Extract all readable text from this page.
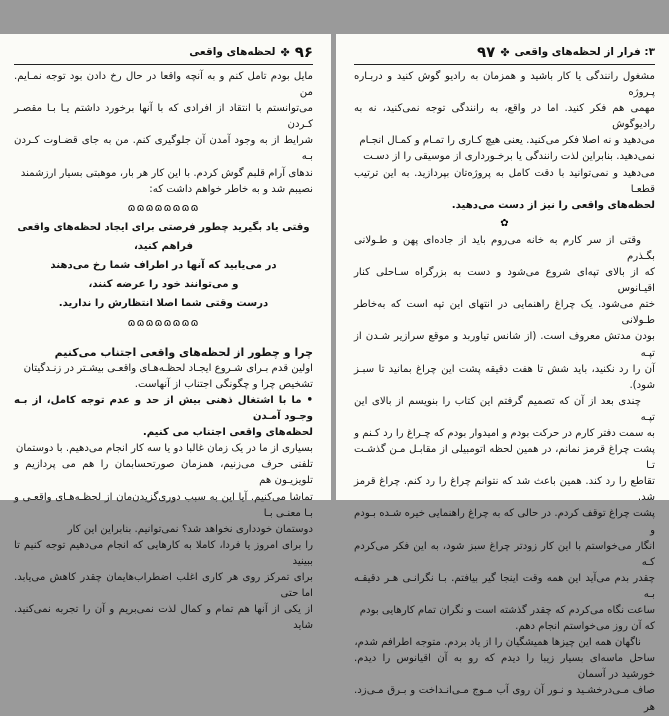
۹۶
✤
لحظه‌های واقعی

مایل بودم تامل کنم و به آنچه واقعا در حال رخ دادن بود توجه نمـایم. من

می‌توانستم با انتقاد از افرادی که با آنها برخورد داشتم یـا بـا مقصـر کـردن

شرایط از به وجود آمدن آن جلوگیری کنم. من به جای قضـاوت کـردن بـه

ندهای آرام قلبم گوش کردم. با این کار هر بار، موهبتی بسیار ارزشمند

نصیبم شد و به خاطر خواهم داشت که:

ɷɷɷɷɷɷɷɷ

وقتی یاد بگیرید چطور فرصتی برای ایجاد لحظه‌های واقعی فراهم کنید،

در می‌یابید که آنها در اطراف شما رخ می‌دهند

و می‌توانند خود را عرضه کنند،

درست وقتی شما اصلا انتظارش را ندارید.

ɷɷɷɷɷɷɷɷ

چرا و چطور از لحظه‌های واقعی اجتناب می‌کنیم

اولین قدم بـرای شـروع ایجـاد لحظـه‌هـای واقعـی بیشـتر در زنـدگیتان

تشخیص چرا و چگونگی اجتناب از آنهاست.

• ما با اشتغال ذهنی بیش از حد و عدم توجه کامل، از بـه وجـود آمـدن

لحظه‌های واقعی اجتناب می‌ کنیم.

بسیاری از ما در یک زمان غالبا دو یا سه کار انجام می‌دهیم. با دوستمان

تلفنی حرف می‌زنیم، همزمان صورتحسابمان را هم می‌ پردازیم و تلویزیـون هم

تماشا می‌کنیم. آیا این به سبب دوری‌گزیدن‌مان از لحظـه‌هـای واقعـی و بـا معنـی بـا

دوستمان خودداری نخواهد شد؟ نمی‌توانیم. بنابراین این کار

را برای امروز یا فردا، کاملا به کارهایی که انجام می‌دهیم توجه کنیم تا ببینید

برای تمرکز روی هر کاری اغلب اضطراب‌هایمان چقدر کاهش می‌یابد. اما حتی

از یکی از آنها هم تمام و کمال لذت نمی‌بریم و آن را تجربه نمی‌کنید. شاید

۳: فرار از لحظه‌های واقعی
✤
۹۷

مشغول رانندگی یا کار باشید و همزمان به رادیو گوش کنید و دربـاره پـروژه

مهمی هم فکر کنید. اما در واقع، به رانندگی توجه نمی‌کنید، نه به رادیوگوش

می‌دهید و نه اصلا فکر می‌کنید. یعنی هیچ کـاری را تمـام و کمـال انجـام

نمی‌دهید. بنابراین لذت رانندگی یا برخـورداری از موسیقی را از دسـت

می‌دهید و نمی‌توانید با دقت کامل به پروژه‌تان بپردازید. به این ترتیب قطعـا

لحظه‌های واقعی را نیز از دست می‌دهید.

✿

وقتی از سر کارم به خانه می‌روم باید از جاده‌ای پهن و طـولانی بگـذرم

که از بالای تپه‌ای شروع می‌شود و دست به بزرگراه سـاحلی کنار اقیـانوس

ختم می‌شود. یک چراغ راهنمایی در انتهای این تپه است که به‌خاطر طـولانی

بودن مدتش معروف است. (از شانس تیاوربد و موقع سرازیر شـدن از تپـه

آن را رد نکنید، باید شش تا هفت دقیقه پشت این چراغ بمانید تا سبـز شود).

چندی بعد از آن که تصمیم گرفتم این کتاب را بنویسم از بالای این تپـه

به سمت دفتر کارم در حرکت بودم و امیدوار بودم که چـراغ را رد کـنم و

پشت چراغ قرمز نمانم، در همین لحظه اتومبیلی از مقابـل مـن گذشـت تـا

تقاطع را رد کند. همین باعث شد که نتوانم چراغ را رد کنم. چراغ قرمز شد.

پشت چراغ توقف کردم. در حالی که به چراغ راهنمایی خیره شـده بـودم و

انگار می‌خواستم با این کار زودتر چراغ سبز شود، به این فکر می‌کردم کـه

چقدر بدم می‌آید این همه وقت اینجا گیر بیافتم. بـا نگرانـی هـر دقیقـه بـه

ساعت نگاه می‌کردم که چقدر گذشته است و نگران تمام کارهایی بودم

که آن روز می‌خواستم انجام دهم.

ناگهان همه این چیزها همیشگیان را از یاد بردم. متوجه اطرافم شدم،

ساحل ماسه‌ای بسیار زیبا را دیدم که رو به آن اقیانوس را دیدم. خورشید در آسمان

صاف مـی‌درخشـید و نـور آن روی آب مـوج مـی‌انـداخت و بـرق مـی‌زد. هر
